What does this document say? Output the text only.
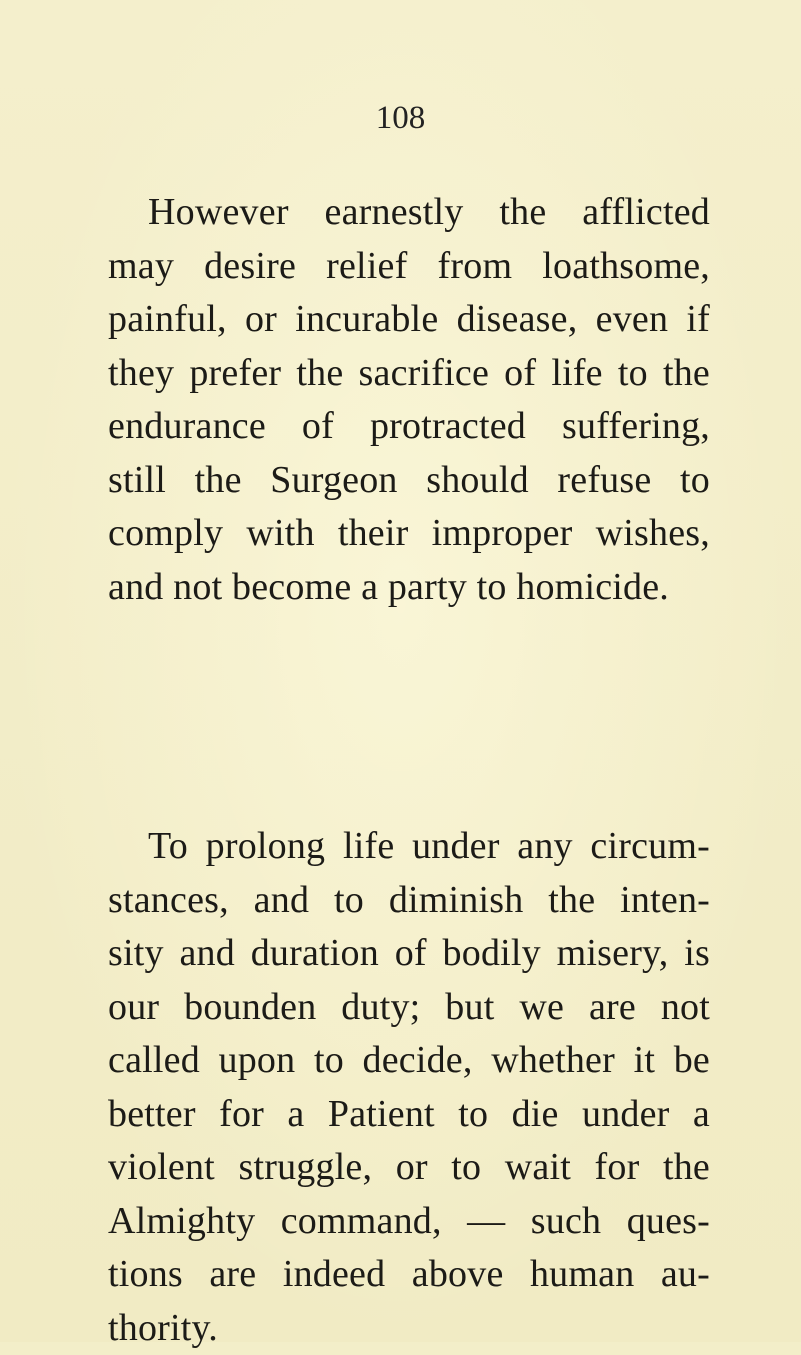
108
However earnestly the afflicted
may desire relief from loathsome,
painful, or incurable disease, even if
they prefer the sacrifice of life to the
endurance of protracted suffering,
still the Surgeon should refuse to
comply with their improper wishes,
and not become a party to homicide.
To prolong life under any circum-
stances, and to diminish the inten-
sity and duration of bodily misery, is
our bounden duty; but we are not
called upon to decide, whether it be
better for a Patient to die under a
violent struggle, or to wait for the
Almighty command, — such ques-
tions are indeed above human au-
thority.
